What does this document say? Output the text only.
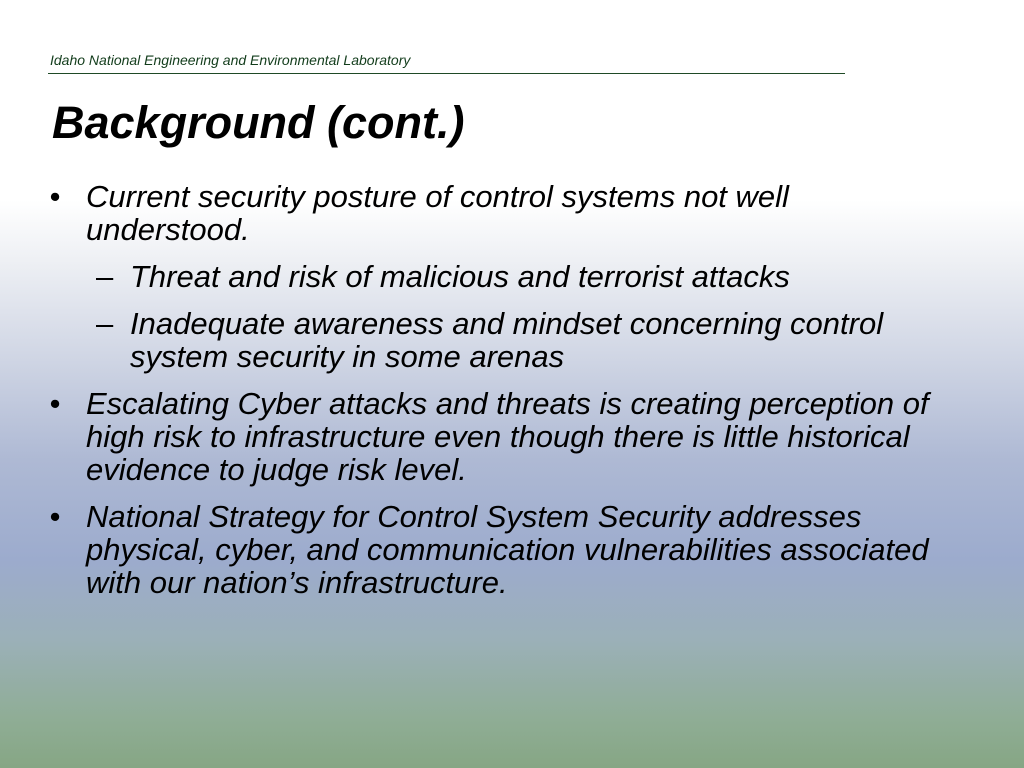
Idaho National Engineering and Environmental Laboratory
Background (cont.)
• Current security posture of control systems not well understood.
– Threat and risk of malicious and terrorist attacks
– Inadequate awareness and mindset concerning control system security in some arenas
• Escalating Cyber attacks and threats is creating perception of high risk to infrastructure even though there is little historical evidence to judge risk level.
• National Strategy for Control System Security addresses physical, cyber, and communication vulnerabilities associated with our nation’s infrastructure.
